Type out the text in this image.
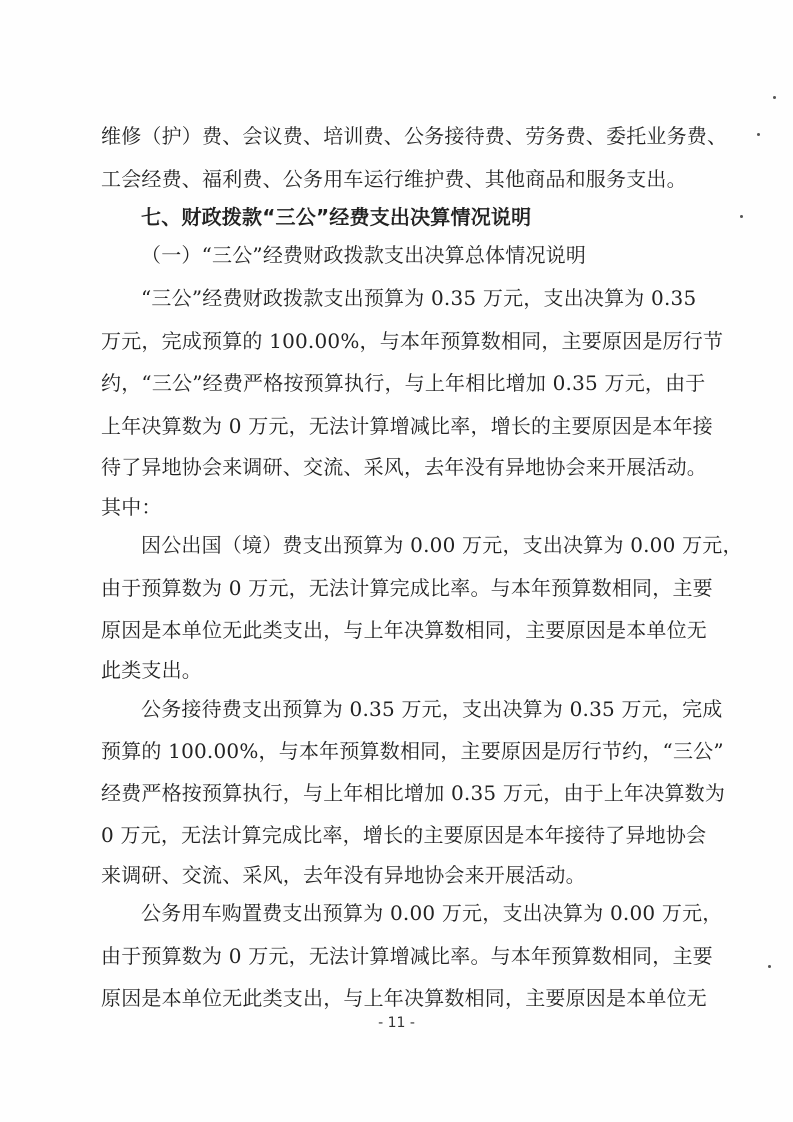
维修（护）费、会议费、培训费、公务接待费、劳务费、委托业务费、
工会经费、福利费、公务用车运行维护费、其他商品和服务支出。
七、财政拨款“三公”经费支出决算情况说明
（一）“三公”经费财政拨款支出决算总体情况说明
“三公”经费财政拨款支出预算为 0.35 万元，支出决算为 0.35
万元，完成预算的 100.00%，与本年预算数相同，主要原因是厉行节
约，“三公”经费严格按预算执行，与上年相比增加 0.35 万元，由于
上年决算数为 0 万元，无法计算增减比率，增长的主要原因是本年接
待了异地协会来调研、交流、采风，去年没有异地协会来开展活动。
其中：
因公出国（境）费支出预算为 0.00 万元，支出决算为 0.00 万元，
由于预算数为 0 万元，无法计算完成比率。与本年预算数相同，主要
原因是本单位无此类支出，与上年决算数相同，主要原因是本单位无
此类支出。
公务接待费支出预算为 0.35 万元，支出决算为 0.35 万元，完成
预算的 100.00%，与本年预算数相同，主要原因是厉行节约，“三公”
经费严格按预算执行，与上年相比增加 0.35 万元，由于上年决算数为
0 万元，无法计算完成比率，增长的主要原因是本年接待了异地协会
来调研、交流、采风，去年没有异地协会来开展活动。
公务用车购置费支出预算为 0.00 万元，支出决算为 0.00 万元，
由于预算数为 0 万元，无法计算增减比率。与本年预算数相同，主要
原因是本单位无此类支出，与上年决算数相同，主要原因是本单位无
- 11 -
